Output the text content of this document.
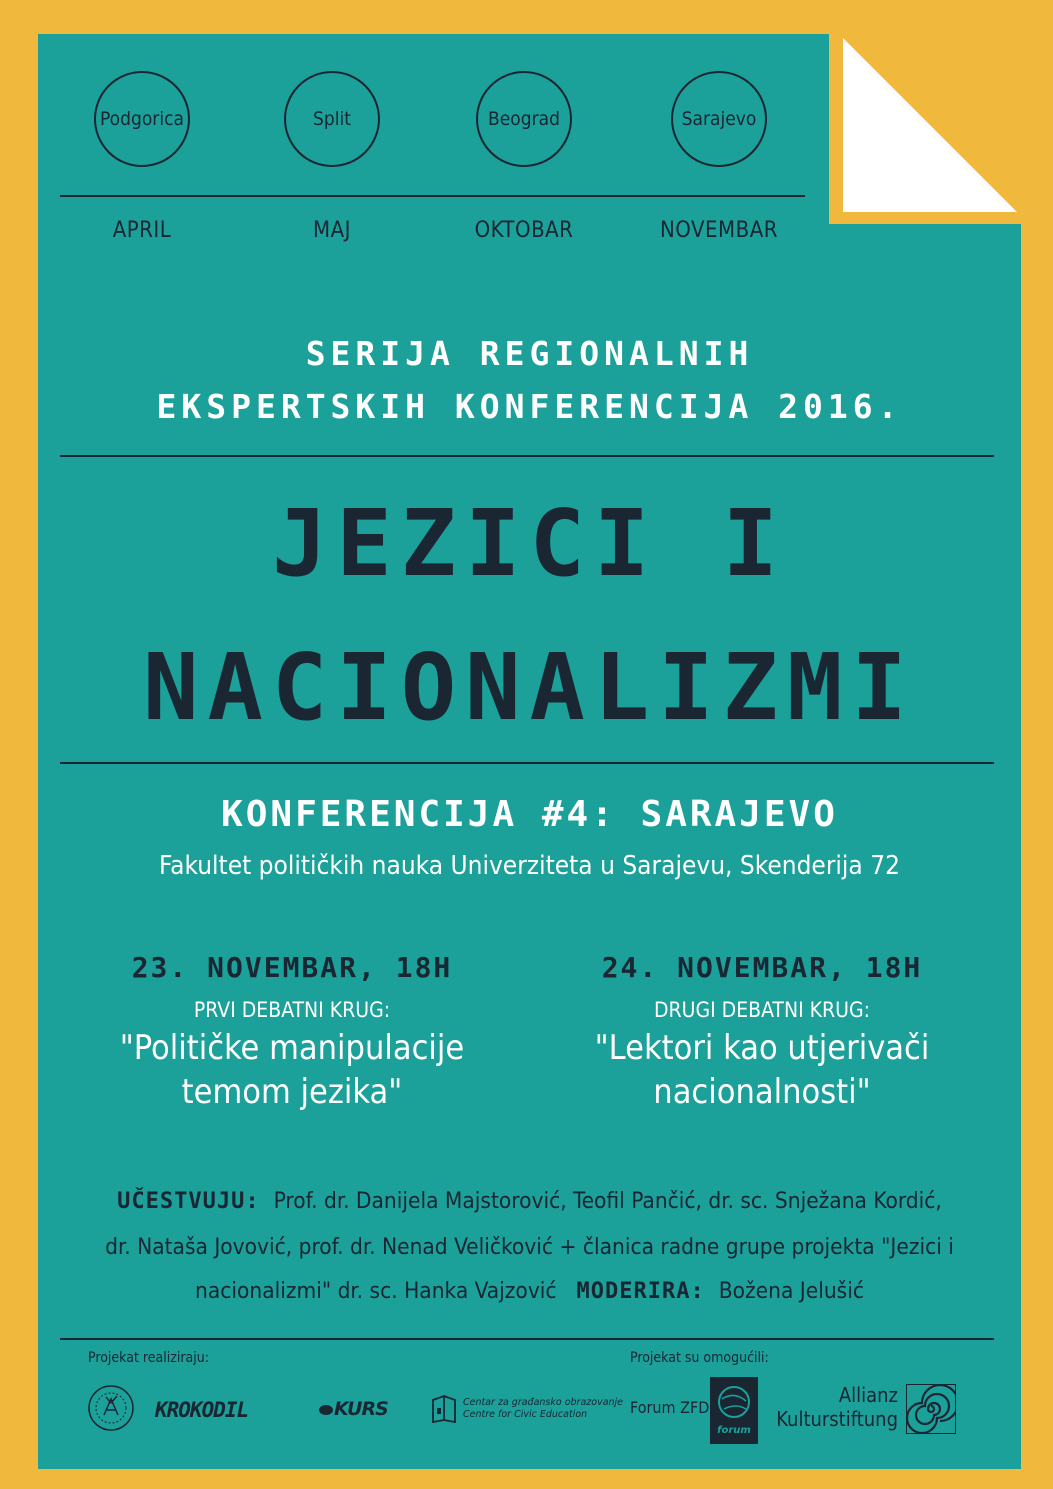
Podgorica	Split	Beograd	Sarajevo
APRIL	MAJ	OKTOBAR	NOVEMBAR
SERIJA REGIONALNIH
EKSPERTSKIH KONFERENCIJA 2016.
JEZICI I
NACIONALIZMI
KONFERENCIJA #4: SARAJEVO
Fakultet političkih nauka Univerziteta u Sarajevu, Skenderija 72
23. NOVEMBAR, 18H
PRVI DEBATNI KRUG:
"Političke manipulacije
temom jezika"
24. NOVEMBAR, 18H
DRUGI DEBATNI KRUG:
"Lektori kao utjerivači
nacionalnosti"
UČESTVUJU: Prof. dr. Danijela Majstorović, Teofil Pančić, dr. sc. Snježana Kordić,
dr. Nataša Jovović, prof. dr. Nenad Veličković + članica radne grupe projekta "Jezici i
nacionalizmi" dr. sc. Hanka Vajzović MODERIRA: Božena Jelušić
Projekat realiziraju:	Projekat su omogućili:
KROKODIL	KURS	Centar za građansko obrazovanje
Centre for Civic Education	Forum ZFD
forum
Allianz
Kulturstiftung
